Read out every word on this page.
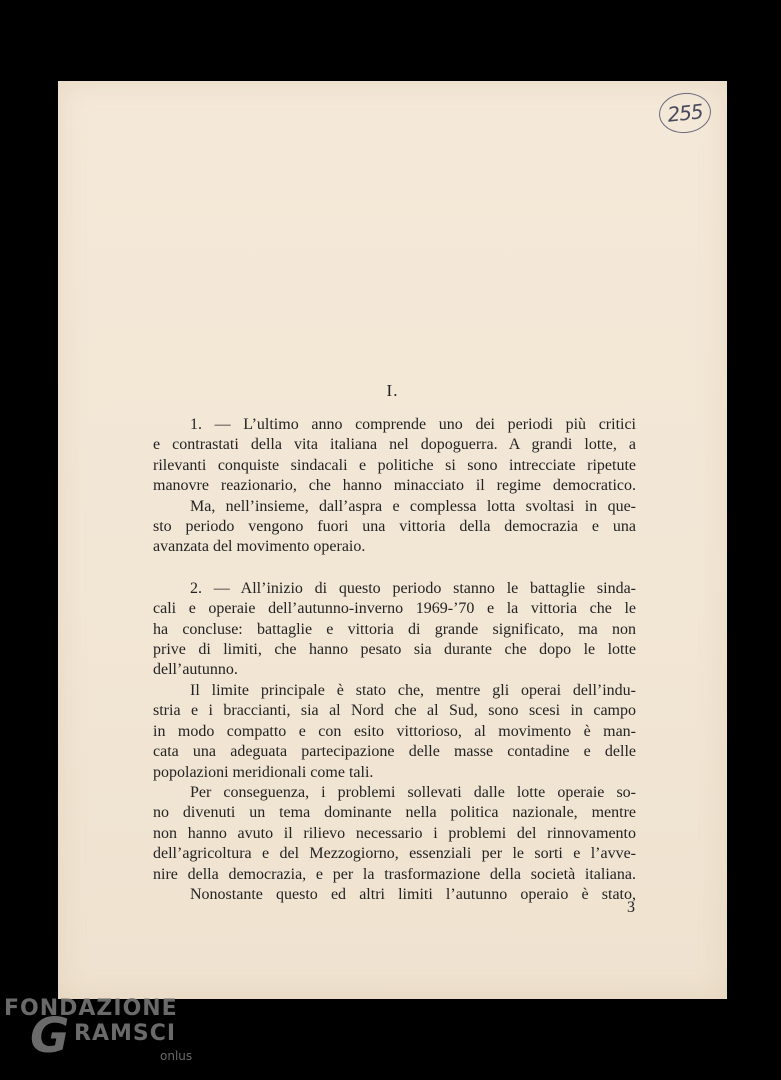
255
I.

1. — L’ultimo anno comprende uno dei periodi più critici
e contrastati della vita italiana nel dopoguerra. A grandi lotte, a
rilevanti conquiste sindacali e politiche si sono intrecciate ripetute
manovre reazionario, che hanno minacciato il regime democratico.

Ma, nell’insieme, dall’aspra e complessa lotta svoltasi in que-
sto periodo vengono fuori una vittoria della democrazia e una
avanzata del movimento operaio.

2. — All’inizio di questo periodo stanno le battaglie sinda-
cali e operaie dell’autunno-inverno 1969-’70 e la vittoria che le
ha concluse: battaglie e vittoria di grande significato, ma non
prive di limiti, che hanno pesato sia durante che dopo le lotte
dell’autunno.

Il limite principale è stato che, mentre gli operai dell’indu-
stria e i braccianti, sia al Nord che al Sud, sono scesi in campo
in modo compatto e con esito vittorioso, al movimento è man-
cata una adeguata partecipazione delle masse contadine e delle
popolazioni meridionali come tali.

Per conseguenza, i problemi sollevati dalle lotte operaie so-
no divenuti un tema dominante nella politica nazionale, mentre
non hanno avuto il rilievo necessario i problemi del rinnovamento
dell’agricoltura e del Mezzogiorno, essenziali per le sorti e l’avve-
nire della democrazia, e per la trasformazione della società italiana.

Nonostante questo ed altri limiti l’autunno operaio è stato,

3
FONDAZIONE
G RAMSCI
onlus
